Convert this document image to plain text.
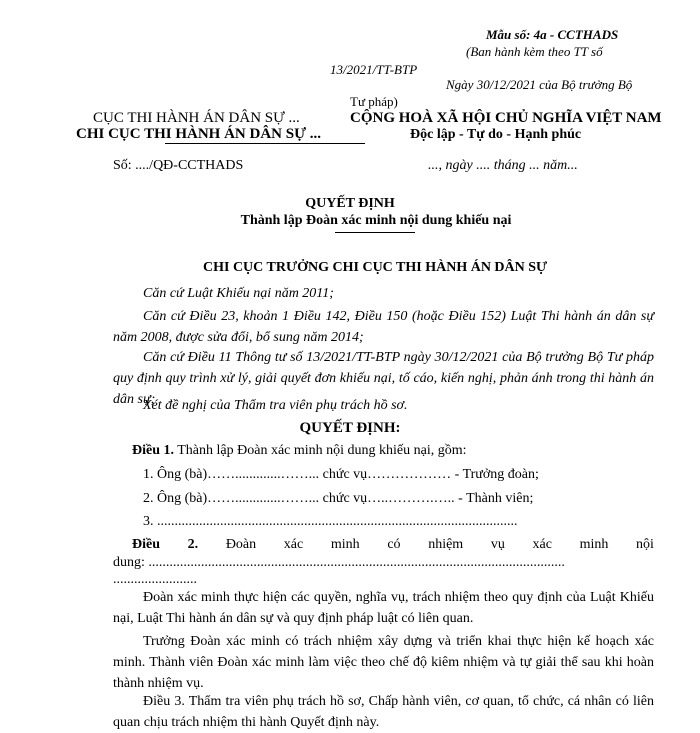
Mẫu số: 4a - CCTHADS

(Ban hành kèm theo TT số

13/2021/TT-BTP

Ngày 30/12/2021 của Bộ trưởng Bộ

Tư pháp)

CỤC THI HÀNH ÁN DÂN SỰ ...

CHI CỤC THI HÀNH ÁN DÂN SỰ ...

CỘNG HOÀ XÃ HỘI CHỦ NGHĨA VIỆT NAM

Độc lập - Tự do - Hạnh phúc

Số: ..../QĐ-CCTHADS	..., ngày .... tháng ... năm...

QUYẾT ĐỊNH

Thành lập Đoàn xác minh nội dung khiếu nại

CHI CỤC TRƯỞNG CHI CỤC THI HÀNH ÁN DÂN SỰ

Căn cứ Luật Khiếu nại năm 2011;

Căn cứ Điều 23, khoản 1 Điều 142, Điều 150 (hoặc Điều 152) Luật Thi hành án dân sự năm 2008, được sửa đổi, bổ sung năm 2014;

Căn cứ Điều 11 Thông tư số 13/2021/TT-BTP ngày 30/12/2021 của Bộ trưởng Bộ Tư pháp quy định quy trình xử lý, giải quyết đơn khiếu nại, tố cáo, kiến nghị, phản ánh trong thi hành án dân sự;

Xét đề nghị của Thẩm tra viên phụ trách hồ sơ.

QUYẾT ĐỊNH:

Điều 1. Thành lập Đoàn xác minh nội dung khiếu nại, gồm:

1. Ông (bà)…….............……... chức vụ……………… - Trưởng đoàn;

2. Ông (bà)…….............……... chức vụ…..……….….. - Thành viên;

3. .......................................................................................................

Điều 2. Đoàn xác minh có nhiệm vụ xác minh nội

dung: .......................................................................................................................

........................

Đoàn xác minh thực hiện các quyền, nghĩa vụ, trách nhiệm theo quy định của Luật Khiếu nại, Luật Thi hành án dân sự và quy định pháp luật có liên quan.

Trưởng Đoàn xác minh có trách nhiệm xây dựng và triển khai thực hiện kế hoạch xác minh. Thành viên Đoàn xác minh làm việc theo chế độ kiêm nhiệm và tự giải thể sau khi hoàn thành nhiệm vụ.

Điều 3. Thẩm tra viên phụ trách hồ sơ, Chấp hành viên, cơ quan, tổ chức, cá nhân có liên quan chịu trách nhiệm thi hành Quyết định này.
